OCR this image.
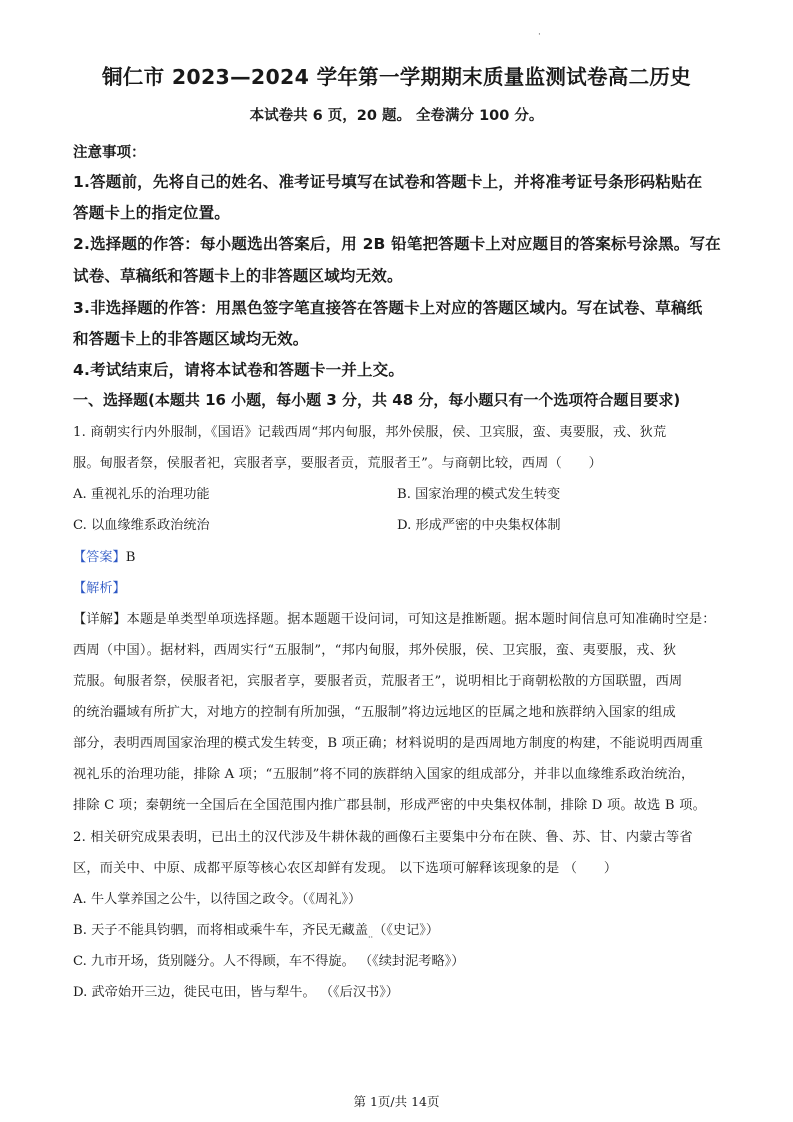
·
铜仁市 2023—2024 学年第一学期期末质量监测试卷高二历史
本试卷共 6 页，20 题。 全卷满分 100 分。
注意事项：
1.答题前，先将自己的姓名、准考证号填写在试卷和答题卡上，并将准考证号条形码粘贴在
答题卡上的指定位置。
2.选择题的作答：每小题选出答案后，用 2B 铅笔把答题卡上对应题目的答案标号涂黑。写在
试卷、草稿纸和答题卡上的非答题区域均无效。
3.非选择题的作答：用黑色签字笔直接答在答题卡上对应的答题区域内。写在试卷、草稿纸
和答题卡上的非答题区域均无效。
4.考试结束后，请将本试卷和答题卡一并上交。
一、选择题(本题共 16 小题，每小题 3 分，共 48 分，每小题只有一个选项符合题目要求)
1. 商朝实行内外服制，《国语》记载西周“邦内甸服，邦外侯服，侯、卫宾服，蛮、夷要服，戎、狄荒
服。甸服者祭，侯服者祀，宾服者享，要服者贡，荒服者王”。与商朝比较，西周（　　）
A. 重视礼乐的治理功能	B. 国家治理的模式发生转变
C. 以血缘维系政治统治	D. 形成严密的中央集权体制
【答案】B
【解析】
【详解】本题是单类型单项选择题。据本题题干设问词，可知这是推断题。据本题时间信息可知准确时空是：
西周（中国）。据材料，西周实行“五服制”，“邦内甸服，邦外侯服，侯、卫宾服，蛮、夷要服，戎、狄
荒服。甸服者祭，侯服者祀，宾服者享，要服者贡，荒服者王”，说明相比于商朝松散的方国联盟，西周
的统治疆域有所扩大，对地方的控制有所加强，“五服制”将边远地区的臣属之地和族群纳入国家的组成
部分，表明西周国家治理的模式发生转变，B 项正确；材料说明的是西周地方制度的构建，不能说明西周重
视礼乐的治理功能，排除 A 项；“五服制”将不同的族群纳入国家的组成部分，并非以血缘维系政治统治，
排除 C 项；秦朝统一全国后在全国范围内推广郡县制，形成严密的中央集权体制，排除 D 项。故选 B 项。
2. 相关研究成果表明，已出土的汉代涉及牛耕休裁的画像石主要集中分布在陕、鲁、苏、甘、内蒙古等省
区，而关中、中原、成都平原等核心农区却鲜有发现。 以下选项可解释该现象的是 （　　）
A. 牛人掌养国之公牛，以待国之政令。（《周礼》）
B. 天子不能具钧驷，而将相或乘牛车，齐民无藏盖$_{..}$（《史记》）
C. 九市开场，货别隧分。人不得顾，车不得旋。 （《续封泥考略》）
D. 武帝始开三边，徙民屯田，皆与犁牛。 （《后汉书》）
第 1页/共 14页
